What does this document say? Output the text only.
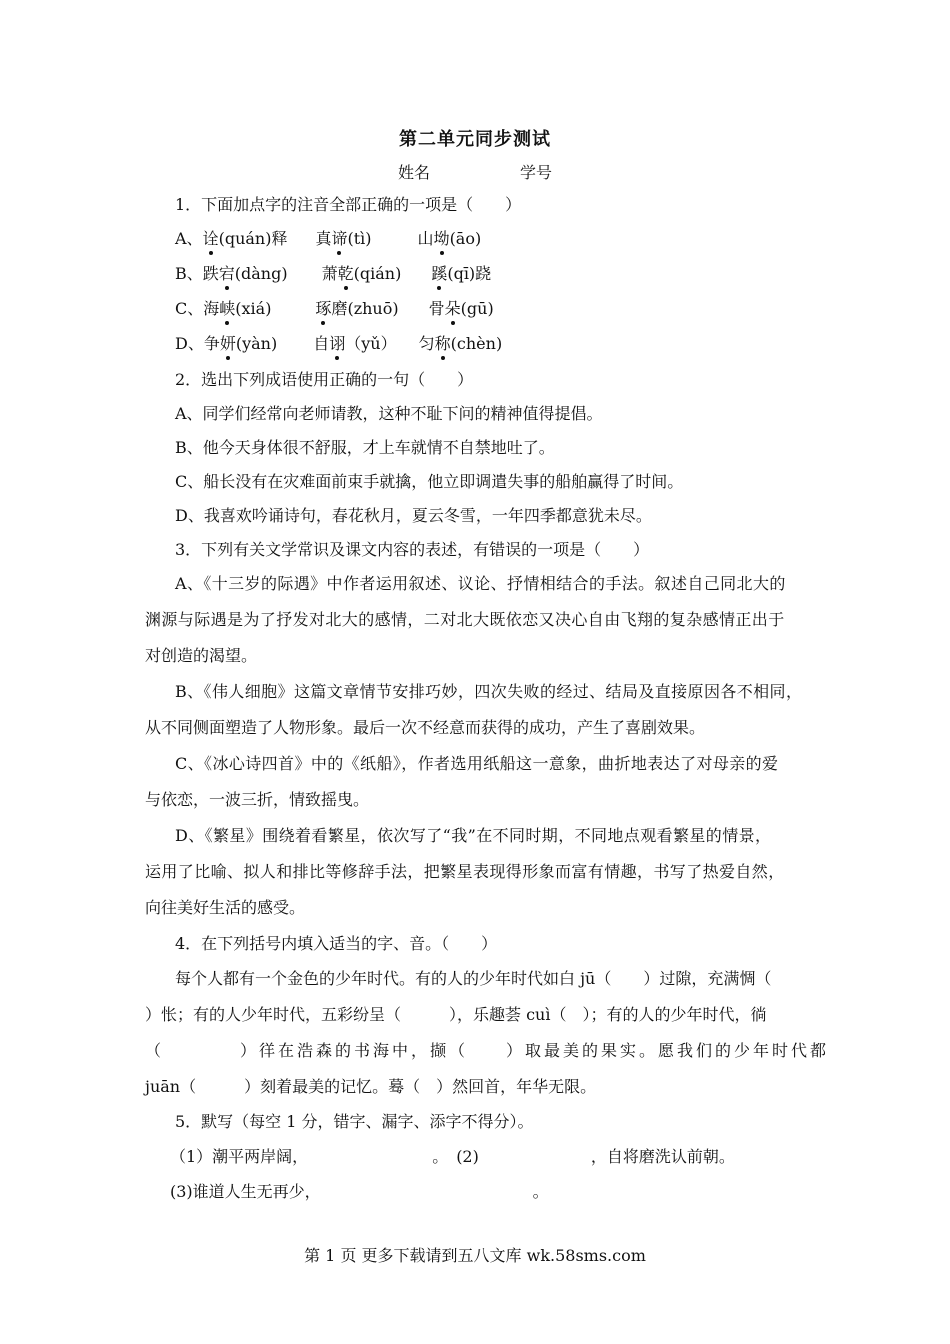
第二单元同步测试
姓名	学号
1．下面加点字的注音全部正确的一项是（　　）
A、诠(quán)释 真谛(tì)	山坳(āo)
B、跌宕(dàng) 萧乾(qián) 蹊(qī)跷
C、海峡(xiá)	琢磨(zhuō) 骨朵(gū)
D、争妍(yàn) 自诩（yǔ） 匀称(chèn)
2．选出下列成语使用正确的一句（　　）
A、同学们经常向老师请教，这种不耻下问的精神值得提倡。
B、他今天身体很不舒服，才上车就情不自禁地吐了。
C、船长没有在灾难面前束手就擒，他立即调遣失事的船舶赢得了时间。
D、我喜欢吟诵诗句，春花秋月，夏云冬雪，一年四季都意犹未尽。
3．下列有关文学常识及课文内容的表述，有错误的一项是（　　）
A、《十三岁的际遇》中作者运用叙述、议论、抒情相结合的手法。叙述自己同北大的
渊源与际遇是为了抒发对北大的感情，二对北大既依恋又决心自由飞翔的复杂感情正出于
对创造的渴望。
B、《伟人细胞》这篇文章情节安排巧妙，四次失败的经过、结局及直接原因各不相同，
从不同侧面塑造了人物形象。最后一次不经意而获得的成功，产生了喜剧效果。
C、《冰心诗四首》中的《纸船》，作者选用纸船这一意象，曲折地表达了对母亲的爱
与依恋，一波三折，情致摇曳。
D、《繁星》围绕着看繁星，依次写了“我”在不同时期，不同地点观看繁星的情景，
运用了比喻、拟人和排比等修辞手法，把繁星表现得形象而富有情趣，书写了热爱自然，
向往美好生活的感受。
4．在下列括号内填入适当的字、音。（　　）
每个人都有一个金色的少年时代。有的人的少年时代如白 jū（　　）过隙，充满惆（
）怅；有的人少年时代，五彩纷呈（　　　），乐趣荟 cuì（　）；有的人的少年时代，徜
（　　　　）徉在浩森的书海中，撷（　　）取最美的果实。愿我们的少年时代都
juān（　　　）刻着最美的记忆。蓦（　）然回首，年华无限。
5．默写（每空 1 分，错字、漏字、添字不得分）。
（1）潮平两岸阔，	。　(2)	，自将磨洗认前朝。
(3)谁道人生无再少，	。
第 1 页 更多下载请到五八文库 wk.58sms.com
